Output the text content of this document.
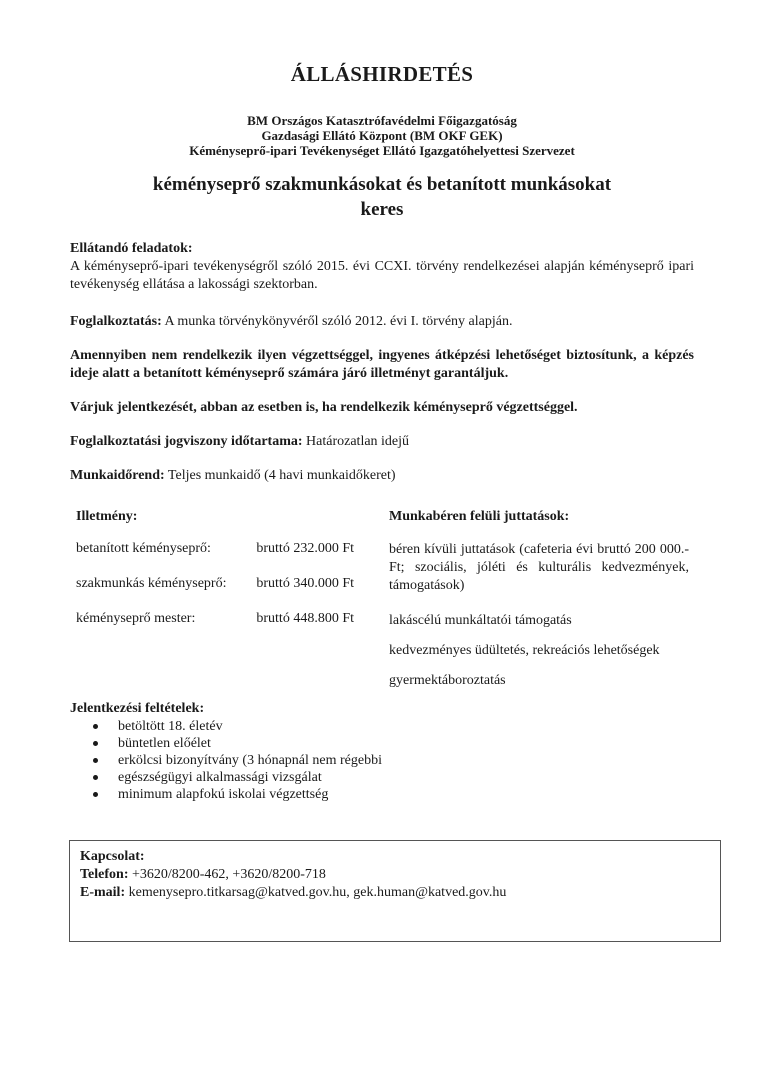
ÁLLÁSHIRDETÉS
BM Országos Katasztrófavédelmi Főigazgatóság
Gazdasági Ellátó Központ (BM OKF GEK)
Kéményseprő-ipari Tevékenységet Ellátó Igazgatóhelyettesi Szervezet
kéményseprő szakmunkásokat és betanított munkásokat
keres
Ellátandó feladatok:
A kéményseprő-ipari tevékenységről szóló 2015. évi CCXI. törvény rendelkezései alapján kéményseprő ipari tevékenység ellátása a lakossági szektorban.
Foglalkoztatás: A munka törvénykönyvéről szóló 2012. évi I. törvény alapján.
Amennyiben nem rendelkezik ilyen végzettséggel, ingyenes átképzési lehetőséget biztosítunk, a képzés ideje alatt a betanított kéményseprő számára járó illetményt garantáljuk.
Várjuk jelentkezését, abban az esetben is, ha rendelkezik kéményseprő végzettséggel.
Foglalkoztatási jogviszony időtartama: Határozatlan idejű
Munkaidőrend: Teljes munkaidő (4 havi munkaidőkeret)
Illetmény:
betanított kéményseprő:	bruttó 232.000 Ft
szakmunkás kéményseprő: bruttó 340.000 Ft
kéményseprő mester:	bruttó 448.800 Ft
Munkabéren felüli juttatások:
béren kívüli juttatások (cafeteria évi bruttó 200 000.- Ft; szociális, jóléti és kulturális kedvezmények, támogatások)
lakáscélú munkáltatói támogatás
kedvezményes üdültetés, rekreációs lehetőségek
gyermektáboroztatás
Jelentkezési feltételek:
betöltött 18. életév
büntetlen előélet
erkölcsi bizonyítvány (3 hónapnál nem régebbi
egészségügyi alkalmassági vizsgálat
minimum alapfokú iskolai végzettség
Kapcsolat:
Telefon: +3620/8200-462, +3620/8200-718
E-mail: kemenysepro.titkarsag@katved.gov.hu, gek.human@katved.gov.hu
